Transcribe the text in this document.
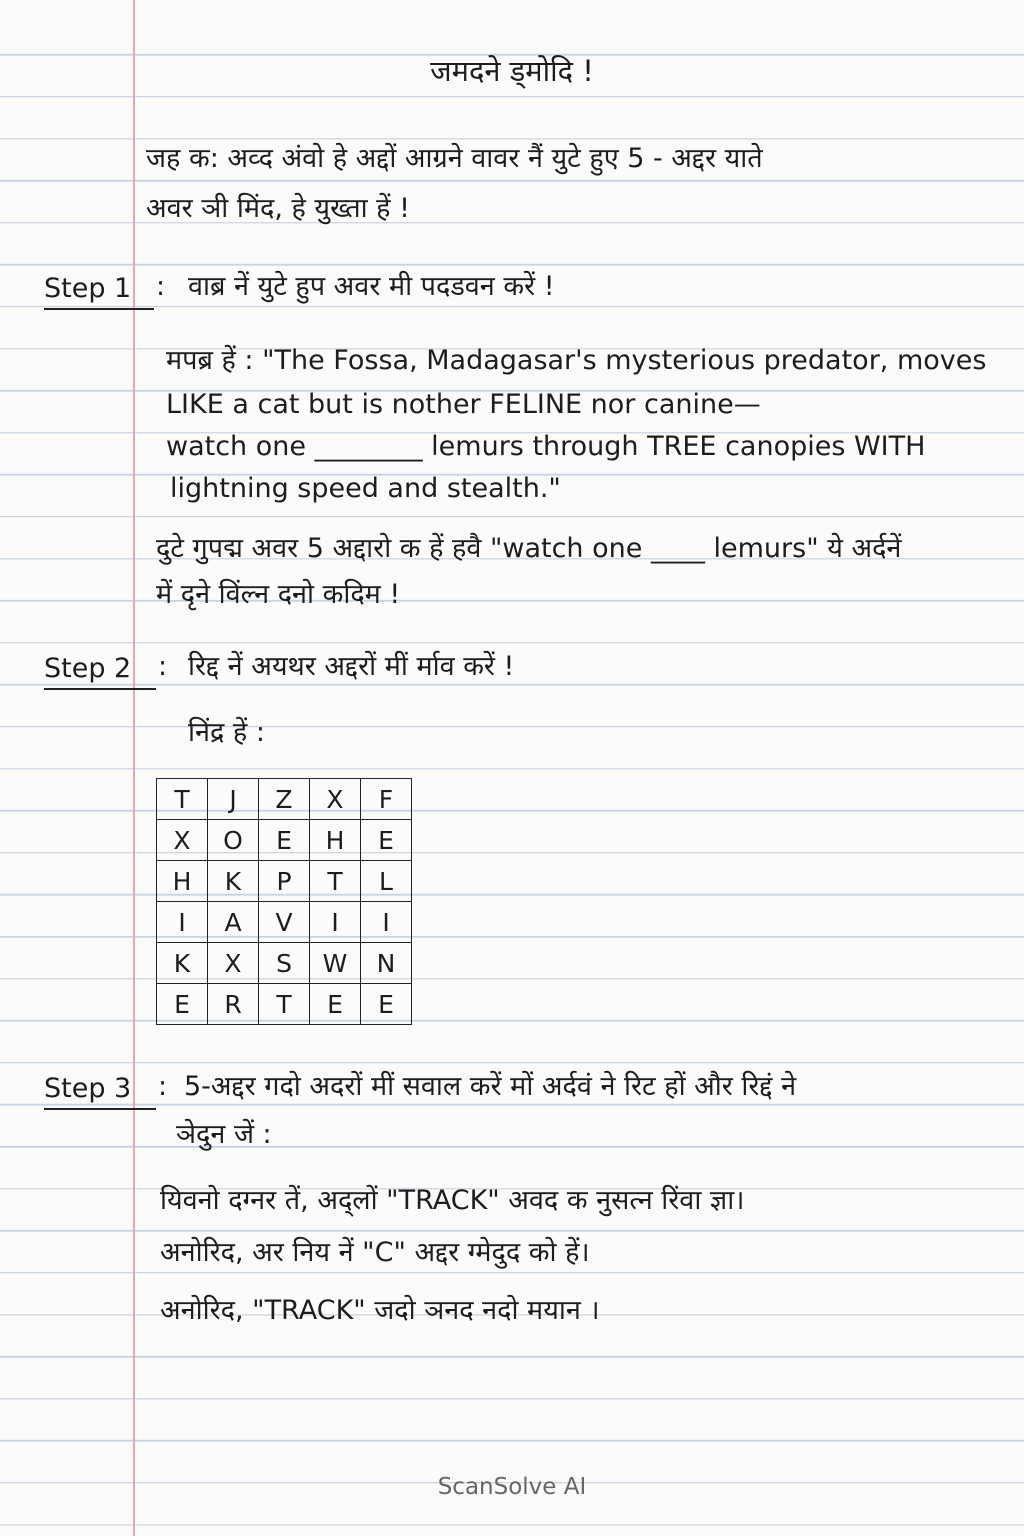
जमदने ड्मोदि !
जह क: अव्द अंवो हे अद्दों आग्रने वावर नैं युटे हुए 5 - अद्दर याते
अवर ञी मिंद, हे युख्ता हें !
Step 1 : वाब्र नें युटे हुप अवर मी पदडवन करें !
मपब्र हें : "The Fossa, Madagasar's mysterious predator, moves
LIKE a cat but is nother FELINE nor canine—
watch one ________ lemurs through TREE canopies WITH
lightning speed and stealth."
दुटे गुपद्म अवर 5 अद्दारो क हें हवै "watch one ____ lemurs" ये अर्दनें
में दृने विंल्न दनो कदिम !
Step 2 : रिद्द नें अयथर अद्दरों मीं र्माव करें !
निंद्र हें :
T	J	Z	X	F
X	O	E	H	E
H	K	P	T	L
I	A	V	I	I
K	X	S	W	N
E	R	T	E	E
Step 3 : 5-अद्दर गदो अदरों मीं सवाल करें मों अर्दवं ने रिट हों और रिद्दं ने
ञेदुन जें :
यिवनो दग्नर तें, अद्लों "TRACK" अवद क नुसत्न रिंवा ज्ञा।
अनोरिद, अर निय नें "C" अद्दर ग्मेदुद को हें।
अनोरिद, "TRACK" जदो ञनद नदो मयान ।
ScanSolve AI
